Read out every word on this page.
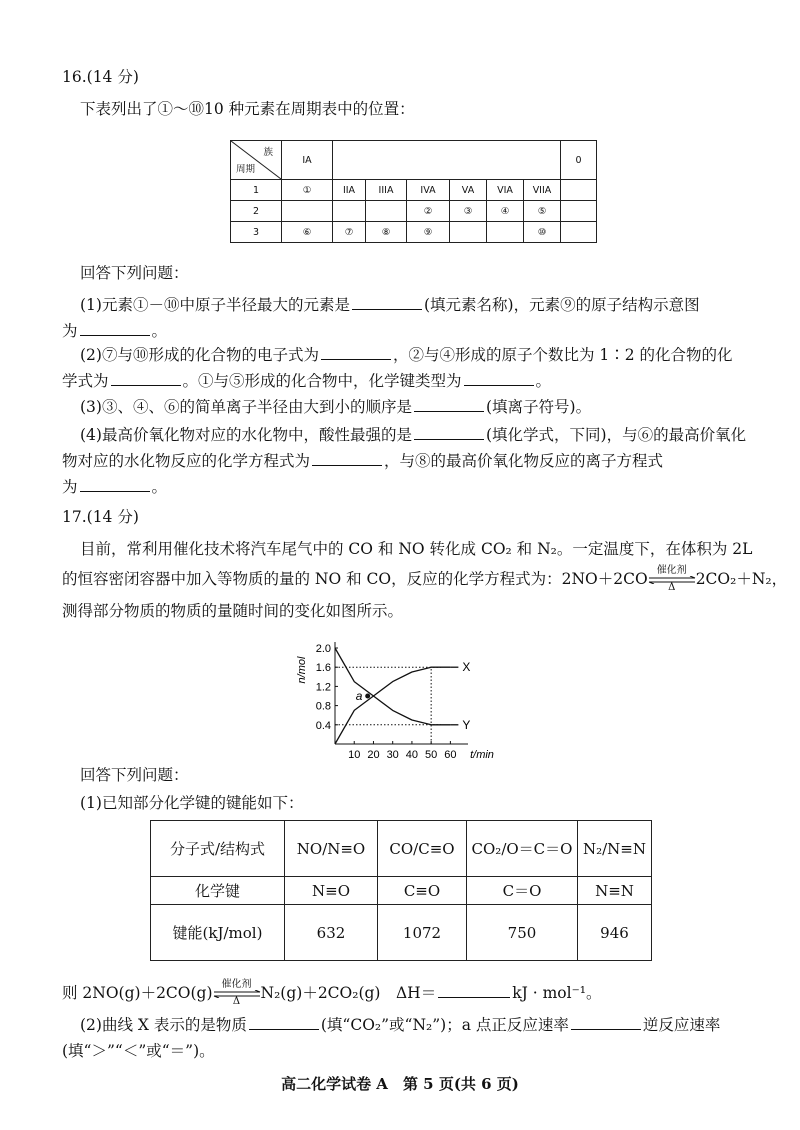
16.(14 分)
下表列出了①～⑩10 种元素在周期表中的位置：
族
周期	IA							0
1	①	IIA	IIIA	IVA	VA	VIA	VIIA	
2				②	③	④	⑤	
3	⑥	⑦	⑧	⑨			⑩	
回答下列问题：
(1)元素①－⑩中原子半径最大的元素是	(填元素名称)，元素⑨的原子结构示意图
为	。
(2)⑦与⑩形成的化合物的电子式为	，②与④形成的原子个数比为 1∶2 的化合物的化
学式为	。①与⑤形成的化合物中，化学键类型为	。
(3)③、④、⑥的简单离子半径由大到小的顺序是	(填离子符号)。
(4)最高价氧化物对应的水化物中，酸性最强的是	(填化学式，下同)，与⑥的最高价氧化
物对应的水化物反应的化学方程式为	，与⑧的最高价氧化物反应的离子方程式
为	。
17.(14 分)
目前，常利用催化技术将汽车尾气中的 CO 和 NO 转化成 CO₂ 和 N₂。一定温度下，在体积为 2L
的恒容密闭容器中加入等物质的量的 NO 和 CO，反应的化学方程式为：2NO＋2CO 催化剂
Δ	2CO₂＋N₂，
测得部分物质的物质的量随时间的变化如图所示。
0.4
0.8
1.2
1.6
2.0
10 20 30 40 50 60 t/min
n/mol	X
Y
a
回答下列问题：
(1)已知部分化学键的键能如下：
分子式/结构式	NO/N≡O	CO/C≡O	CO₂/O＝C＝O	N₂/N≡N
化学键	N≡O	C≡O	C＝O	N≡N
键能(kJ/mol)	632	1072	750	946
则 2NO(g)＋2CO(g) 催化剂
Δ	N₂(g)＋2CO₂(g)　ΔH＝	kJ · mol⁻¹。
(2)曲线 X 表示的是物质	(填“CO₂”或“N₂”)；a 点正反应速率	逆反应速率
(填“＞”“＜”或“＝”)。
高二化学试卷 A　第 5 页(共 6 页)
